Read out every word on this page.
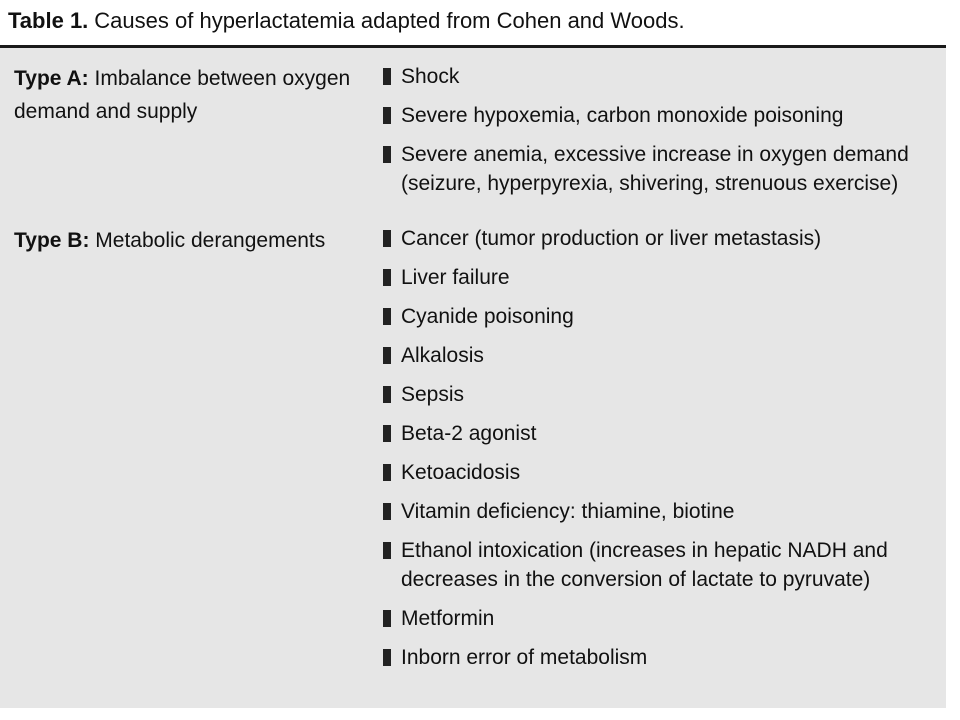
Table 1. Causes of hyperlactatemia adapted from Cohen and Woods.
Type A: Imbalance between oxygen demand and supply
Shock
Severe hypoxemia, carbon monoxide poisoning
Severe anemia, excessive increase in oxygen demand (seizure, hyperpyrexia, shivering, strenuous exercise)
Type B: Metabolic derangements	Cancer (tumor production or liver metastasis)
Liver failure
Cyanide poisoning
Alkalosis
Sepsis
Beta-2 agonist
Ketoacidosis
Vitamin deficiency: thiamine, biotine
Ethanol intoxication (increases in hepatic NADH and decreases in the conversion of lactate to pyruvate)
Metformin
Inborn error of metabolism
